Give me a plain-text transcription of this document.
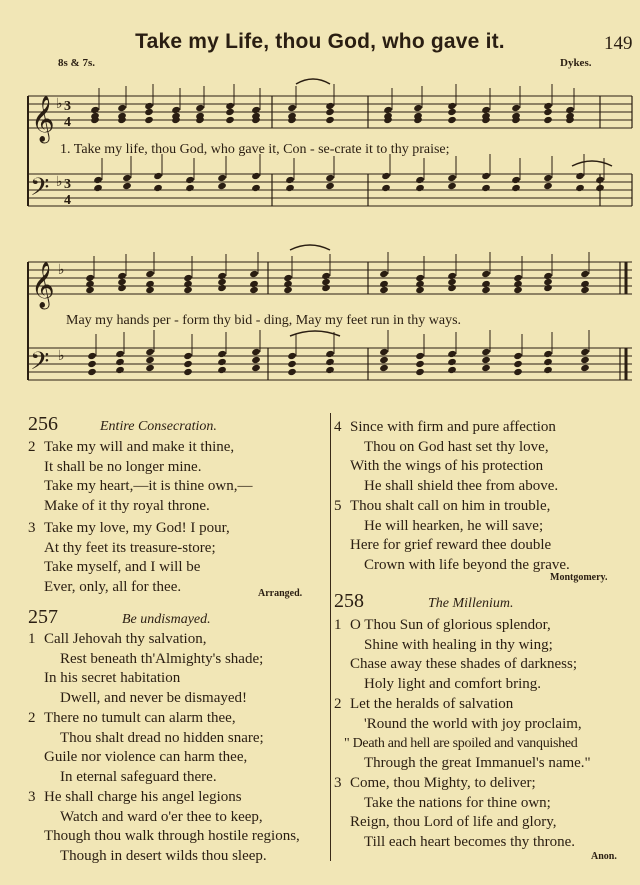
Take my Life, thou God, who gave it.	149
8s & 7s.	Dykes.
𝄞
𝄞
𝄢
𝄢
3
4
3
4
♭
♭
♭
♭
1. Take my life, thou God, who gave it, Con - se-crate it to thy praise;
May my hands per - form thy bid - ding, May my feet run in thy ways.
256	Entire Consecration.
2 Take my will and make it thine,
It shall be no longer mine.
Take my heart,—it is thine own,—
Make of it thy royal throne.
3 Take my love, my God! I pour,
At thy feet its treasure-store;
Take myself, and I will be
Ever, only, all for thee.	Arranged.
257	Be undismayed.
1 Call Jehovah thy salvation,
Rest beneath th'Almighty's shade;
In his secret habitation
Dwell, and never be dismayed!
2 There no tumult can alarm thee,
Thou shalt dread no hidden snare;
Guile nor violence can harm thee,
In eternal safeguard there.
3 He shall charge his angel legions
Watch and ward o'er thee to keep,
Though thou walk through hostile regions,
Though in desert wilds thou sleep.
4 Since with firm and pure affection
Thou on God hast set thy love,
With the wings of his protection
He shall shield thee from above.
5 Thou shalt call on him in trouble,
He will hearken, he will save;
Here for grief reward thee double
Crown with life beyond the grave.
Montgomery.
258	The Millenium.
1 O Thou Sun of glorious splendor,
Shine with healing in thy wing;
Chase away these shades of darkness;
Holy light and comfort bring.
2 Let the heralds of salvation
'Round the world with joy proclaim,
" Death and hell are spoiled and vanquished
Through the great Immanuel's name."
3 Come, thou Mighty, to deliver;
Take the nations for thine own;
Reign, thou Lord of life and glory,
Till each heart becomes thy throne.
Anon.
